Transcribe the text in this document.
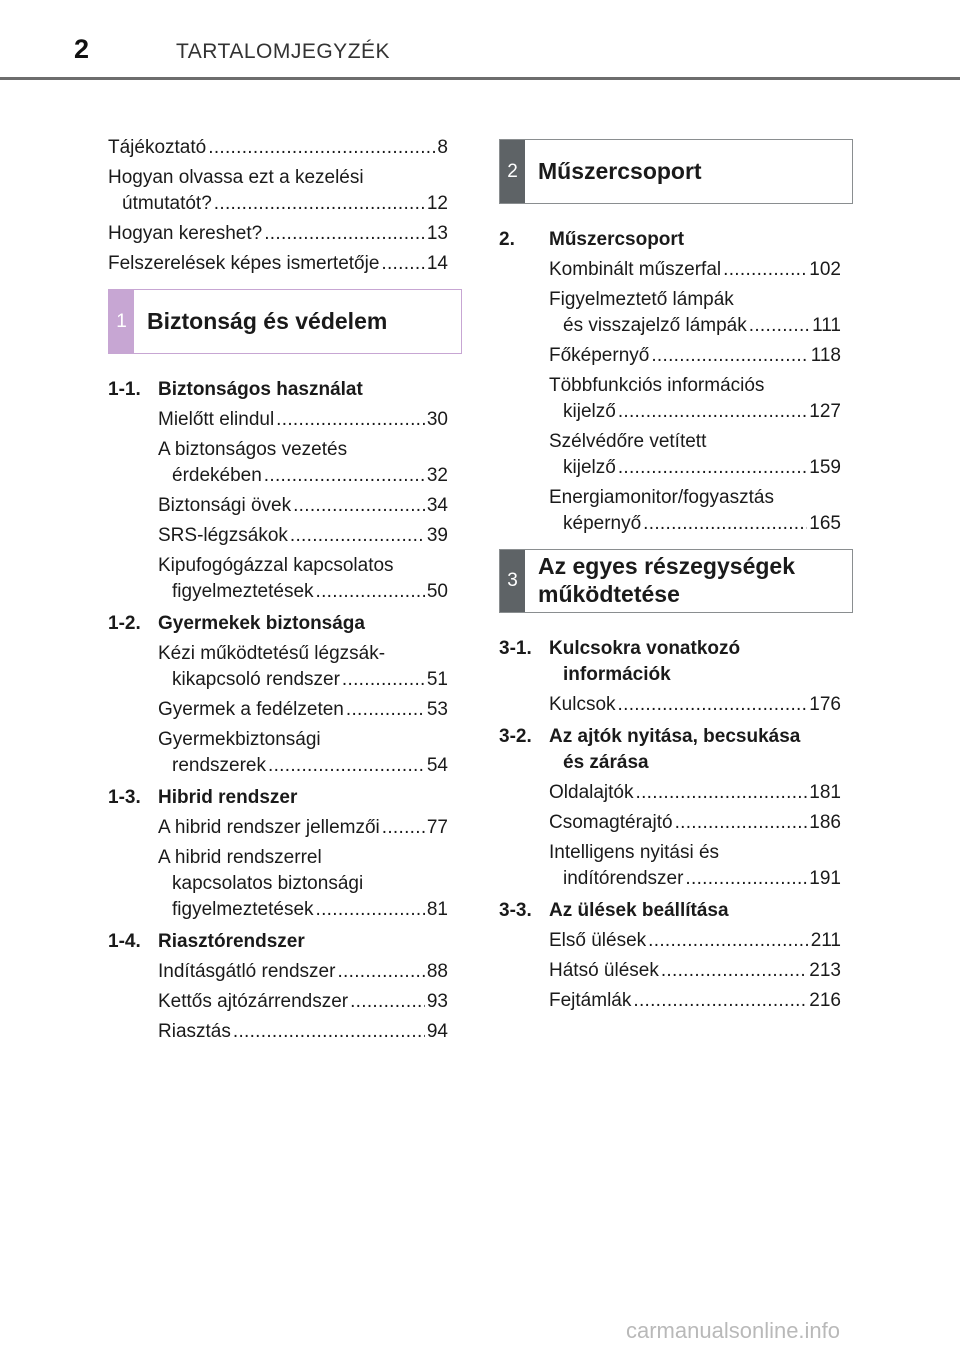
2	TARTALOMJEGYZÉK
Tájékoztató .....	8
Hogyan olvassa ezt a kezelési
útmutatót? .....	12
Hogyan kereshet? .....	13
Felszerelések képes ismertetője ..... 14
1 Biztonság és védelem
1-1. Biztonságos használat
Mielőtt elindul .....	30
A biztonságos vezetés
érdekében .....	32
Biztonsági övek .....	34
SRS-légzsákok .....	39
Kipufogógázzal kapcsolatos
figyelmeztetések .....	50
1-2. Gyermekek biztonsága
Kézi működtetésű légzsák-
kikapcsoló rendszer .....	51
Gyermek a fedélzeten .....	53
Gyermekbiztonsági
rendszerek .....	54
1-3. Hibrid rendszer
A hibrid rendszer jellemzői ..... 77
A hibrid rendszerrel
kapcsolatos biztonsági
figyelmeztetések .....	81
1-4. Riasztórendszer
Indításgátló rendszer .....	88
Kettős ajtózárrendszer .....	93
Riasztás .....	94
2 Műszercsoport
2. Műszercsoport
Kombinált műszerfal .....	102
Figyelmeztető lámpák
és visszajelző lámpák .....	111
Főképernyő .....	118
Többfunkciós információs
kijelző .....	127
Szélvédőre vetített
kijelző .....	159
Energiamonitor/fogyasztás
képernyő .....	165
3
Az egyes részegységek
működtetése
3-1. Kulcsokra vonatkozó
információk
Kulcsok .....	176
3-2. Az ajtók nyitása, becsukása
és zárása
Oldalajtók .....	181
Csomagtérajtó .....	186
Intelligens nyitási és
indítórendszer .....	191
3-3. Az ülések beállítása
Első ülések .....	211
Hátsó ülések .....	213
Fejtámlák .....	216
carmanualsonline.info
